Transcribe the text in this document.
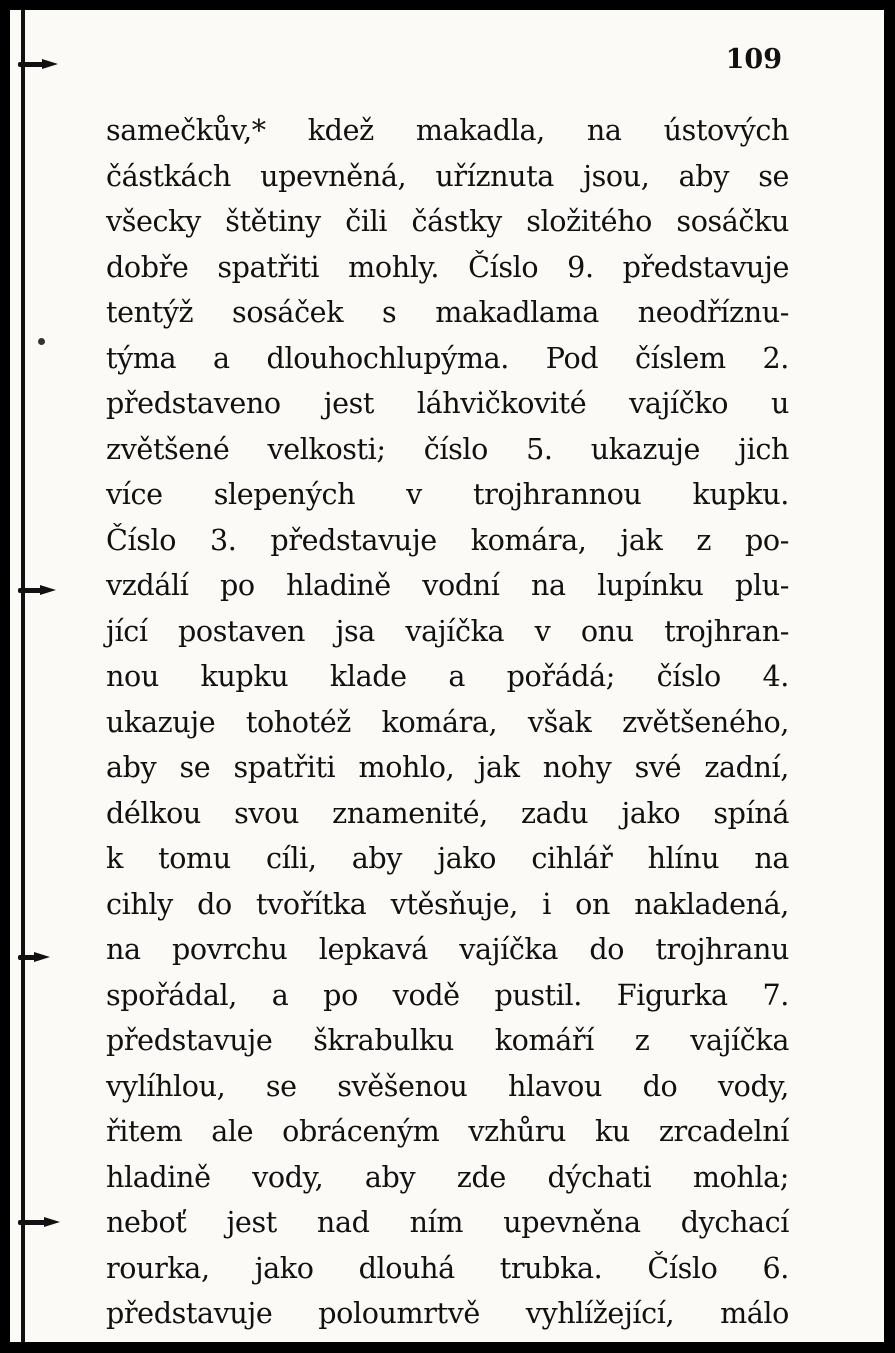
109
samečkův,* kdež makadla, na ústových
částkách upevněná, uříznuta jsou, aby se
všecky štětiny čili částky složitého sosáčku
dobře spatřiti mohly. Číslo 9. představuje
tentýž sosáček s makadlama neodříznu-
týma a dlouhochlupýma. Pod číslem 2.
představeno jest láhvičkovité vajíčko u
zvětšené velkosti; číslo 5. ukazuje jich
více slepených v trojhrannou kupku.
Číslo 3. představuje komára, jak z po-
vzdálí po hladině vodní na lupínku plu-
jící postaven jsa vajíčka v onu trojhran-
nou kupku klade a pořádá; číslo 4.
ukazuje tohotéž komára, však zvětšeného,
aby se spatřiti mohlo, jak nohy své zadní,
délkou svou znamenité, zadu jako spíná
k tomu cíli, aby jako cihlář hlínu na
cihly do tvořítka vtěsňuje, i on nakladená,
na povrchu lepkavá vajíčka do trojhranu
spořádal, a po vodě pustil. Figurka 7.
představuje škrabulku komáří z vajíčka
vylíhlou, se svěšenou hlavou do vody,
řitem ale obráceným vzhůru ku zrcadelní
hladině vody, aby zde dýchati mohla;
neboť jest nad ním upevněna dychací
rourka, jako dlouhá trubka. Číslo 6.
představuje poloumrtvě vyhlížející, málo
